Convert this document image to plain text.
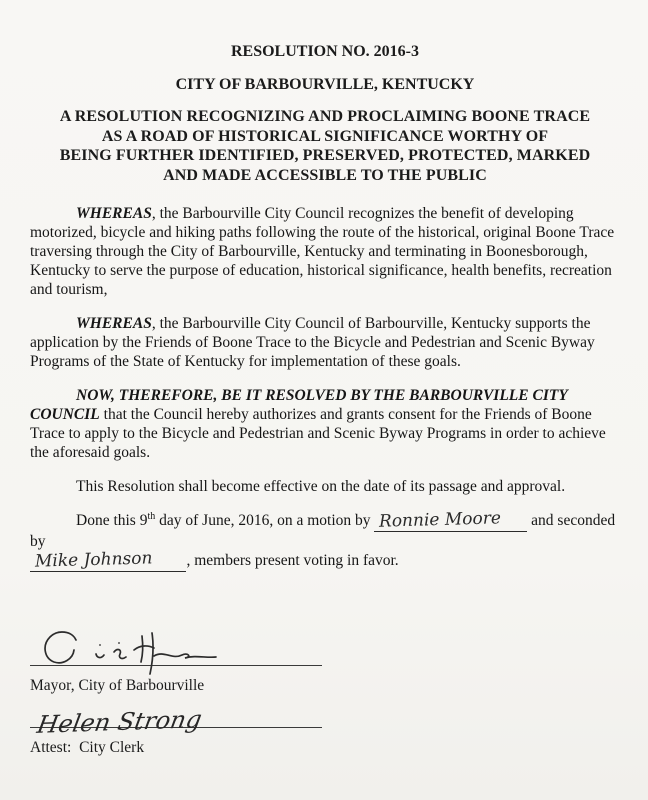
RESOLUTION NO. 2016-3
CITY OF BARBOURVILLE, KENTUCKY
A RESOLUTION RECOGNIZING AND PROCLAIMING BOONE TRACE
AS A ROAD OF HISTORICAL SIGNIFICANCE WORTHY OF
BEING FURTHER IDENTIFIED, PRESERVED, PROTECTED, MARKED
AND MADE ACCESSIBLE TO THE PUBLIC

WHEREAS, the Barbourville City Council recognizes the benefit of developing motorized, bicycle and hiking paths following the route of the historical, original Boone Trace traversing through the City of Barbourville, Kentucky and terminating in Boonesborough, Kentucky to serve the purpose of education, historical significance, health benefits, recreation and tourism,

WHEREAS, the Barbourville City Council of Barbourville, Kentucky supports the application by the Friends of Boone Trace to the Bicycle and Pedestrian and Scenic Byway Programs of the State of Kentucky for implementation of these goals.

NOW, THEREFORE, BE IT RESOLVED BY THE BARBOURVILLE CITY COUNCIL that the Council hereby authorizes and grants consent for the Friends of Boone Trace to apply to the Bicycle and Pedestrian and Scenic Byway Programs in order to achieve the aforesaid goals.

This Resolution shall become effective on the date of its passage and approval.

Done this 9th day of June, 2016, on a motion by Ronnie Moore and seconded by
Mike Johnson , members present voting in favor.

Mayor, City of Barbourville
Helen Strong
Attest:  City Clerk
